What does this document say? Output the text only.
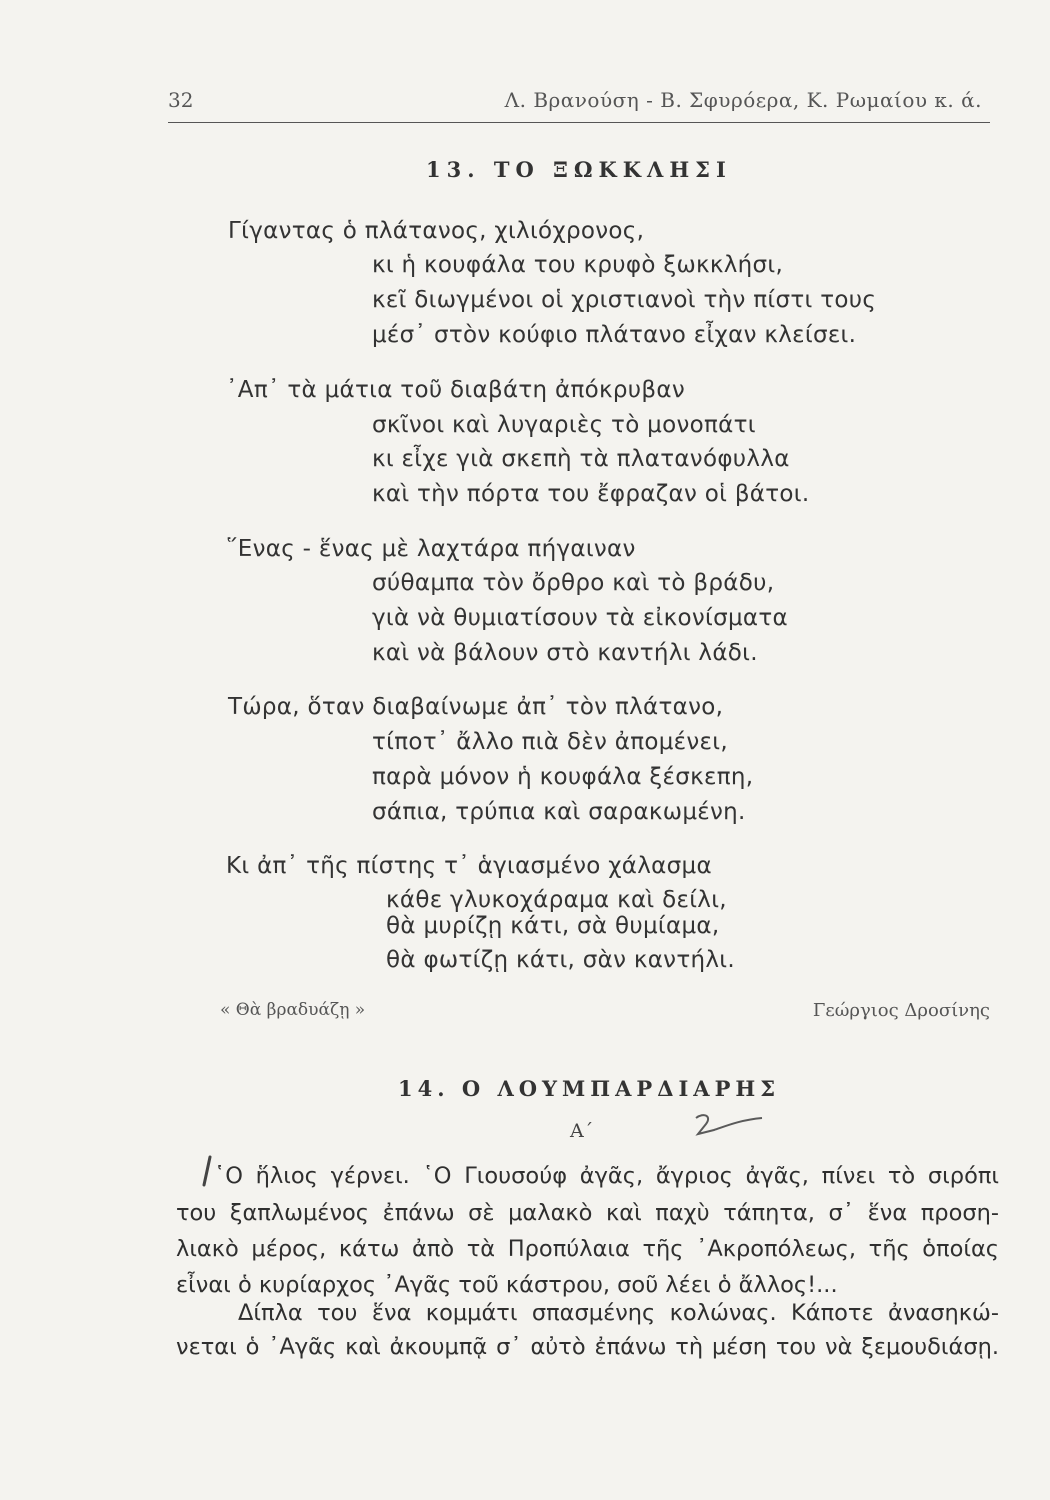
32	Λ. Βρανούση - Β. Σφυρόερα, Κ. Ρωμαίου κ. ά.
13. ΤΟ ΞΩΚΚΛΗΣΙ
Γίγαντας ὁ πλάτανος, χιλιόχρονος,
κι ἡ κουφάλα του κρυφὸ ξωκκλήσι,
κεῖ διωγμένοι οἱ χριστιανοὶ τὴν πίστι τους
μέσ᾽ στὸν κούφιο πλάτανο εἶχαν κλείσει.
᾽Απ᾽ τὰ μάτια τοῦ διαβάτη ἀπόκρυβαν
σκῖνοι καὶ λυγαριὲς τὸ μονοπάτι
κι εἶχε γιὰ σκεπὴ τὰ πλατανόφυλλα
καὶ τὴν πόρτα του ἔφραζαν οἱ βάτοι.
῞Ενας - ἕνας μὲ λαχτάρα πήγαιναν
σύθαμπα τὸν ὄρθρο καὶ τὸ βράδυ,
γιὰ νὰ θυμιατίσουν τὰ εἰκονίσματα
καὶ νὰ βάλουν στὸ καντήλι λάδι.
Τώρα, ὅταν διαβαίνωμε ἀπ᾽ τὸν πλάτανο,
τίποτ᾽ ἄλλο πιὰ δὲν ἀπομένει,
παρὰ μόνον ἡ κουφάλα ξέσκεπη,
σάπια, τρύπια καὶ σαρακωμένη.
Κι ἀπ᾽ τῆς πίστης τ᾽ ἁγιασμένο χάλασμα
κάθε γλυκοχάραμα καὶ δείλι,
θὰ μυρίζῃ κάτι, σὰ θυμίαμα,
θὰ φωτίζῃ κάτι, σὰν καντήλι.
« Θὰ βραδυάζῃ »	Γεώργιος Δροσίνης
14. Ο ΛΟΥΜΠΑΡΔΙΑΡΗΣ
Α΄
῾Ο ἥλιος γέρνει. ῾Ο Γιουσούφ ἀγᾶς, ἄγριος ἀγᾶς, πίνει τὸ σιρόπι
του ξαπλωμένος ἐπάνω σὲ μαλακὸ καὶ παχὺ τάπητα, σ᾽ ἕνα προση-
λιακὸ μέρος, κάτω ἀπὸ τὰ Προπύλαια τῆς ᾽Ακροπόλεως, τῆς ὁποίας
εἶναι ὁ κυρίαρχος ᾽Αγᾶς τοῦ κάστρου, σοῦ λέει ὁ ἄλλος!...
Δίπλα του ἕνα κομμάτι σπασμένης κολώνας. Κάποτε ἀνασηκώ-
νεται ὁ ᾽Αγᾶς καὶ ἀκουμπᾷ σ᾽ αὐτὸ ἐπάνω τὴ μέση του νὰ ξεμουδιάσῃ.
